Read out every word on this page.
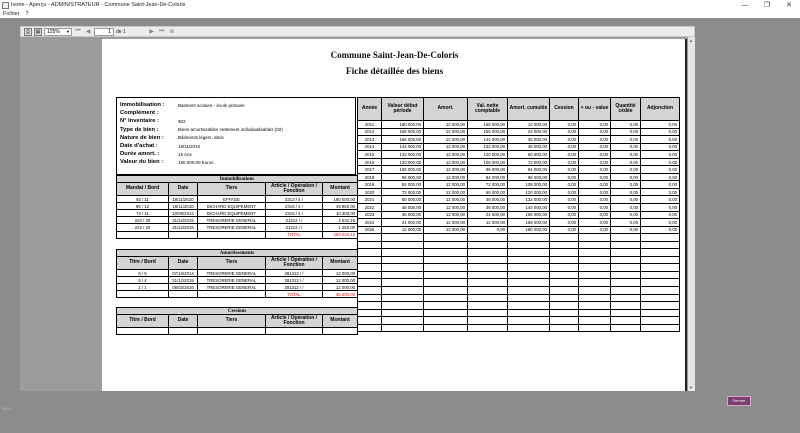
Ivoire - Aperçu - ADMINISTRATEUR - Commune Saint-Jean-De-Coloris	—	❐	✕
Fichier	?
⎙	▦	125% ▼ ⏮ ◀	1	de 1	▶ ⏭ ⊗
Commune Saint-Jean-De-Coloris
Fiche détaillée des biens
Immobilisation :	Batiment scolaire - école primaire
Complément :
N° Inventaire :	902
Type de bien :	Biens amortissables nettement individualisables (02)
Nature de bien :	Bâtiments légers, abris
Date d'achat :	18/11/2010
Durée amort. :	15 Ans
Valeur du bien :	180 000,00 Euros
Année	Valeur début période	Amort.	Val. nette comptable	Amort. cumulés	Cession	+ ou - value	Quantité cédée	Adjonction
2011	180 000,00	12 000,00	168 000,00	12 000,00	0,00	0,00	0,00	0,00
2012	168 000,00	12 000,00	156 000,00	24 000,00	0,00	0,00	0,00	0,00
2013	156 000,00	12 000,00	144 000,00	36 000,00	0,00	0,00	0,00	0,00
2014	144 000,00	12 000,00	132 000,00	48 000,00	0,00	0,00	0,00	0,00
2015	132 000,00	12 000,00	120 000,00	60 000,00	0,00	0,00	0,00	0,00
2016	120 000,00	12 000,00	108 000,00	72 000,00	0,00	0,00	0,00	0,00
2017	108 000,00	12 000,00	96 000,00	84 000,00	0,00	0,00	0,00	0,00
2018	96 000,00	12 000,00	84 000,00	96 000,00	0,00	0,00	0,00	0,00
2019	84 000,00	12 000,00	72 000,00	108 000,00	0,00	0,00	0,00	0,00
2020	72 000,00	12 000,00	60 000,00	120 000,00	0,00	0,00	0,00	0,00
2021	60 000,00	12 000,00	48 000,00	132 000,00	0,00	0,00	0,00	0,00
2022	48 000,00	12 000,00	36 000,00	144 000,00	0,00	0,00	0,00	0,00
2023	36 000,00	12 000,00	24 000,00	156 000,00	0,00	0,00	0,00	0,00
2024	24 000,00	12 000,00	12 000,00	168 000,00	0,00	0,00	0,00	0,00
2025	12 000,00	12 000,00	0,00	180 000,00	0,00	0,00	0,00	0,00

Immobilisations				
Mandat / Bord	Date	Tiers	Article / Opération / Fonction	Montant
92 / 11	18/11/2010	EFFAGE	2313 / 4 /	180 000,00
95 / 12	18/11/2010	BICHARD EQUIPEMENT	2315 / 4 /	49 850,00
72 / 11	10/05/2014	BICHARD EQUIPEMENT	2315 / 4 /	10 300,00
222 / 20	31/12/2015	TRESORERIE GENERAL	21312 / /	2 632,15
222 / 20	31/12/2015	TRESORERIE GENERAL	21312 / /	1 250,00
			TOTAL	250 032,15
Amortissements				
Titre / Bord	Date	Tiers	Article / Opération / Fonction	Montant
6 / 5	07/10/2014	TRESORERIE GENERAL	281312 / /	12 000,00
5 / 4	31/12/2015	TRESORERIE GENERAL	281312 / /	12 000,00
1 / 1	05/02/2016	TRESORERIE GENERAL	281312 / /	12 000,00
			TOTAL	36 000,00
Cessions				
Titre / Bord	Date	Tiers	Article / Opération / Fonction	Montant

▲
▼
Fermer
0000
